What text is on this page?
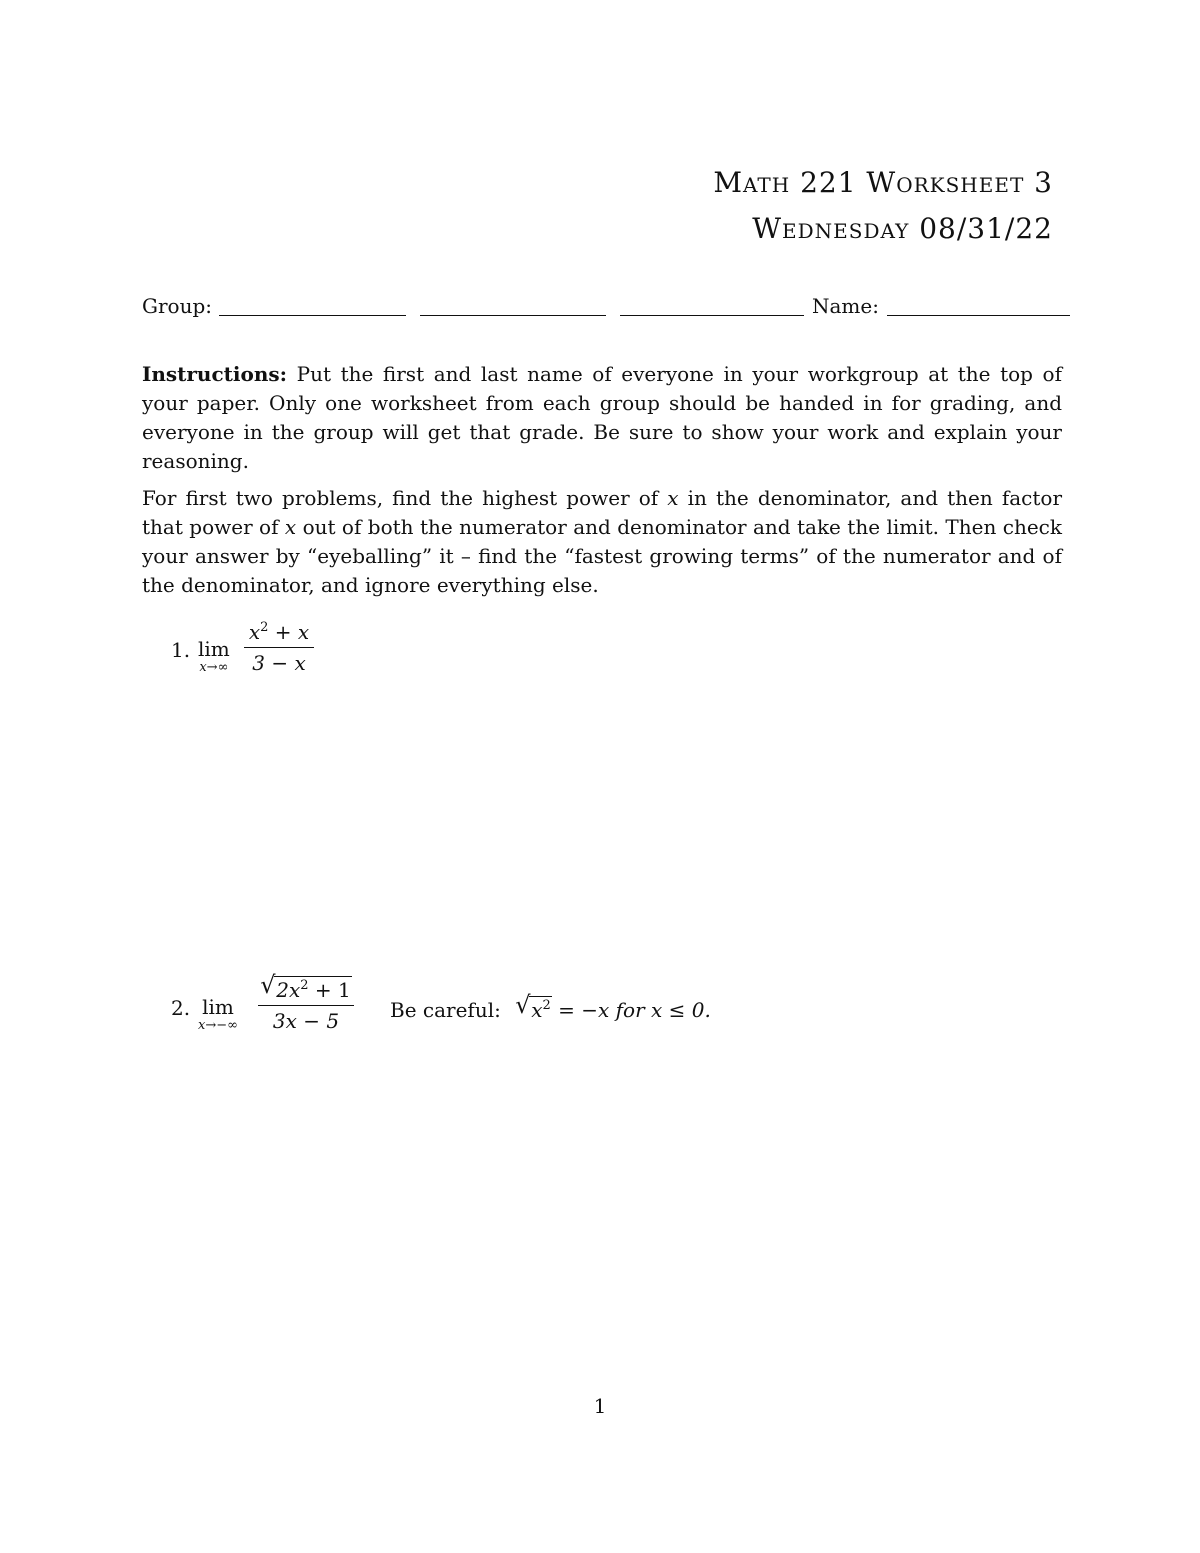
Math 221 Worksheet 3
Wednesday 08/31/22
Group:	Name:
Instructions: Put the first and last name of everyone in your workgroup at the top of your paper. Only one worksheet from each group should be handed in for grading, and everyone in the group will get that grade. Be sure to show your work and explain your reasoning.
For first two problems, find the highest power of x in the denominator, and then factor that power of x out of both the numerator and denominator and take the limit. Then check your answer by “eyeballing” it – find the “fastest growing terms” of the numerator and of the denominator, and ignore everything else.
1. lim
$x\to\infty \frac{x^2 + x}{3 - x}$
2. lim
$x\to-\infty \frac{√ 2x^2 + 1}{3x - 5}$ Be careful: √ $x^2 = -x$ for x ≤ 0.
1
